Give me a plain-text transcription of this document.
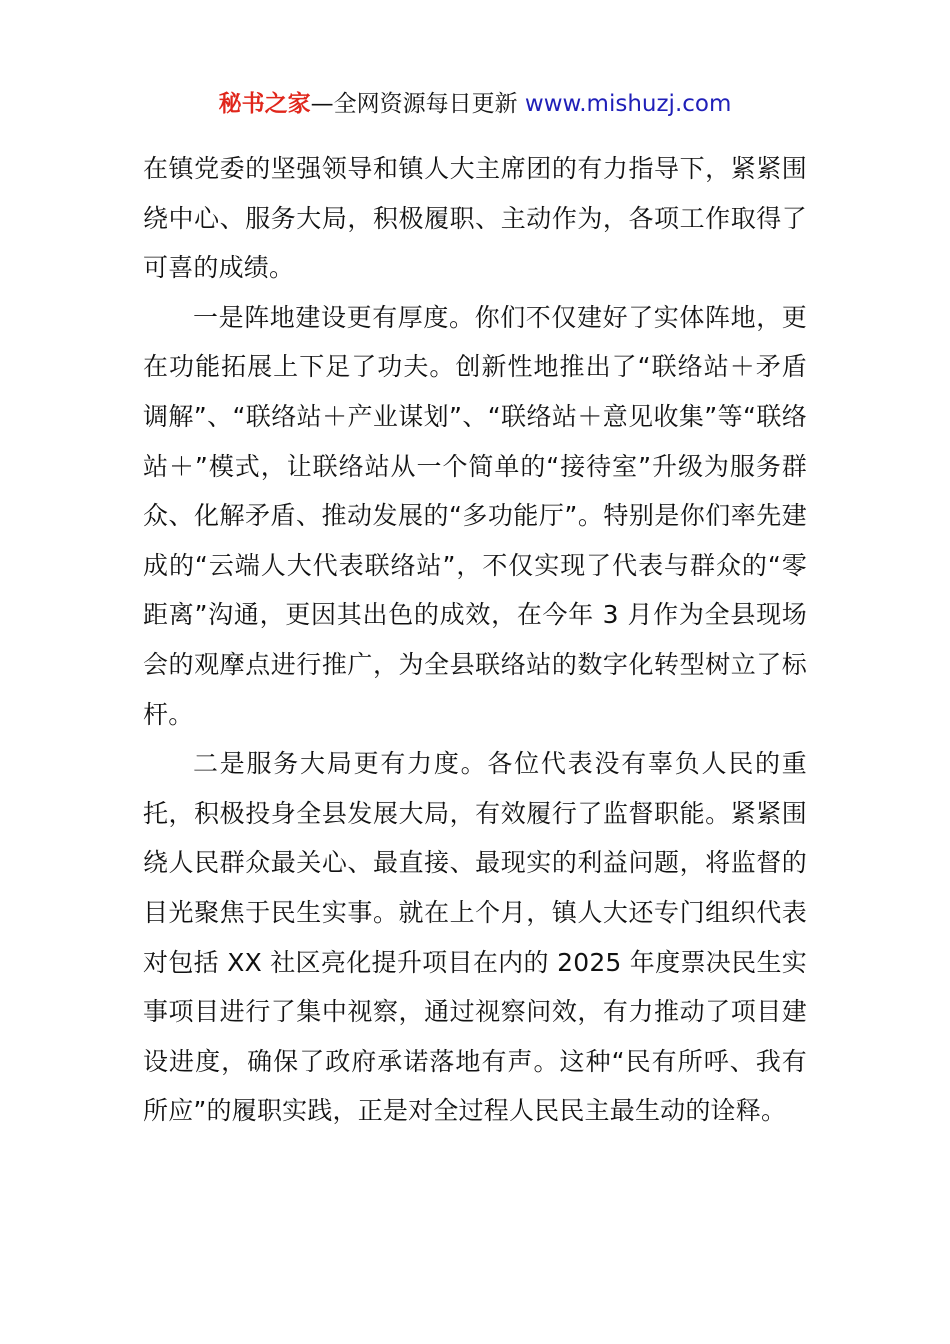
秘书之家—全网资源每日更新 www.mishuzj.com

在镇党委的坚强领导和镇人大主席团的有力指导下，紧紧围绕中心、服务大局，积极履职、主动作为，各项工作取得了可喜的成绩。

一是阵地建设更有厚度。你们不仅建好了实体阵地，更在功能拓展上下足了功夫。创新性地推出了“联络站＋矛盾调解”、“联络站＋产业谋划”、“联络站＋意见收集”等“联络站＋”模式，让联络站从一个简单的“接待室”升级为服务群众、化解矛盾、推动发展的“多功能厅”。特别是你们率先建成的“云端人大代表联络站”，不仅实现了代表与群众的“零距离”沟通，更因其出色的成效，在今年 3 月作为全县现场会的观摩点进行推广，为全县联络站的数字化转型树立了标杆。

二是服务大局更有力度。各位代表没有辜负人民的重托，积极投身全县发展大局，有效履行了监督职能。紧紧围绕人民群众最关心、最直接、最现实的利益问题，将监督的目光聚焦于民生实事。就在上个月，镇人大还专门组织代表对包括 XX 社区亮化提升项目在内的 2025 年度票决民生实事项目进行了集中视察，通过视察问效，有力推动了项目建设进度，确保了政府承诺落地有声。这种“民有所呼、我有所应”的履职实践，正是对全过程人民民主最生动的诠释。
